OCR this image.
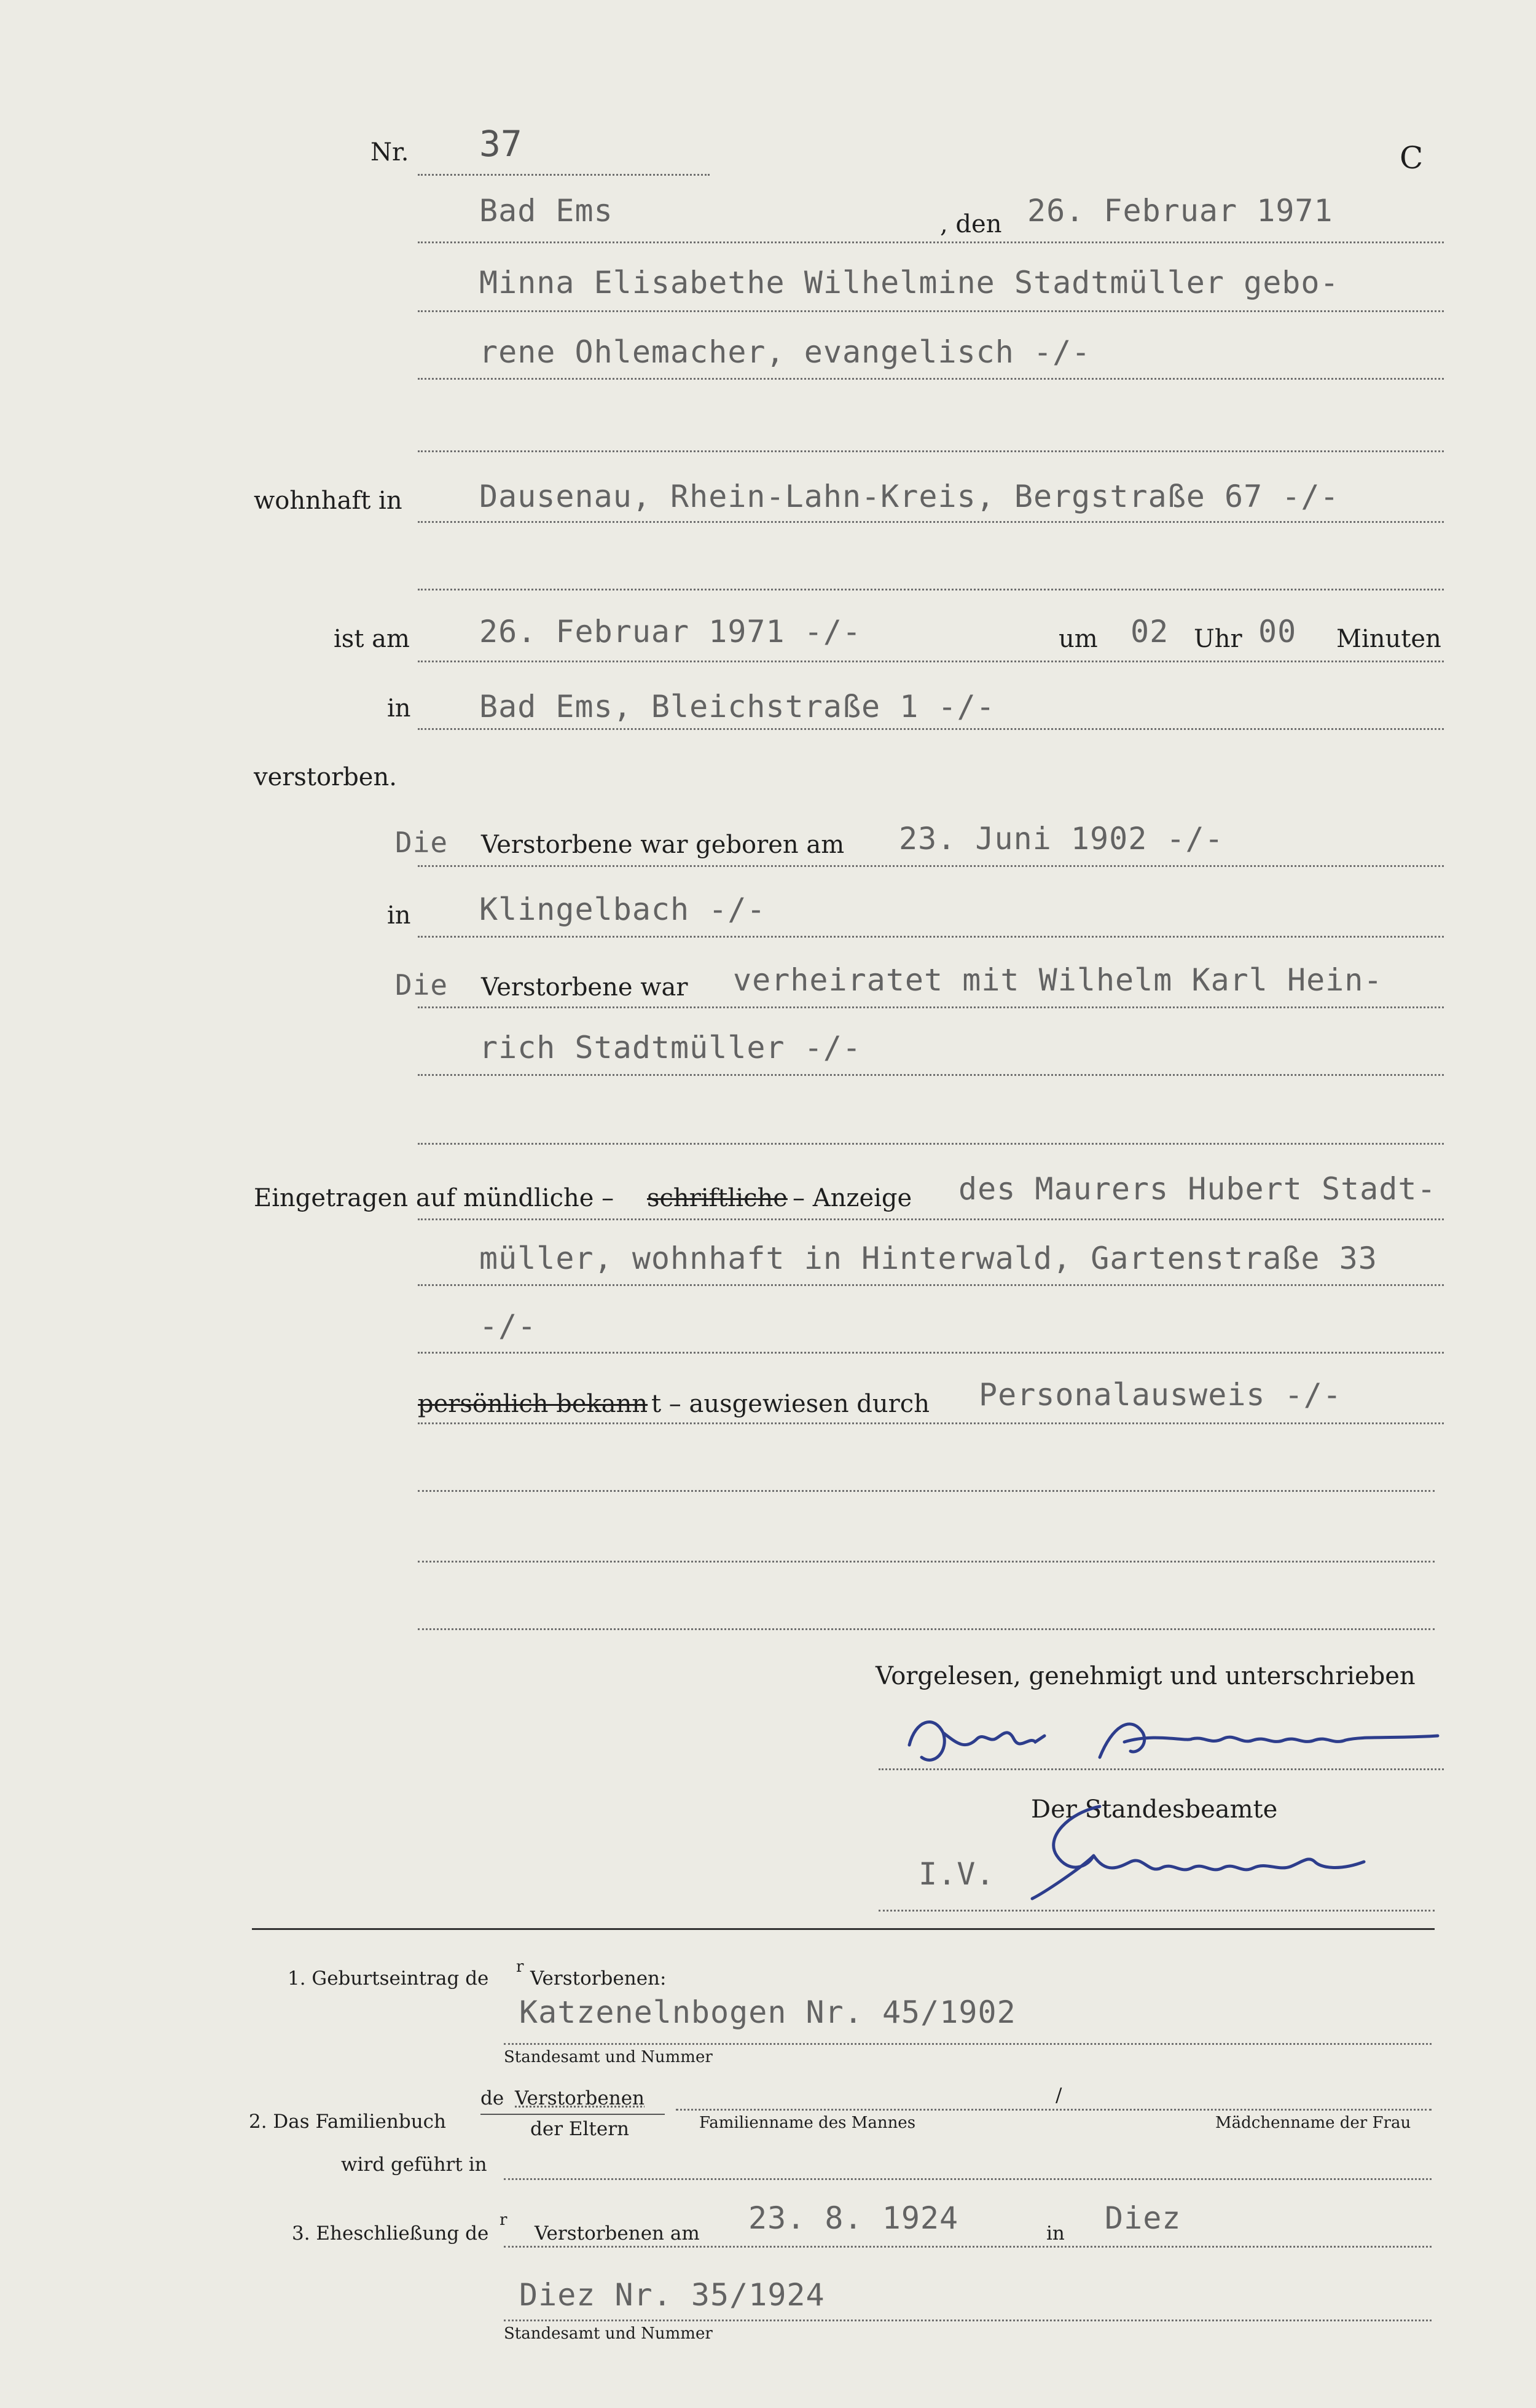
Nr. 37	C
Bad Ems	, den 26. Februar 1971
Minna Elisabethe Wilhelmine Stadtmüller gebo-
rene Ohlemacher, evangelisch -/-
wohnhaft in	Dausenau, Rhein-Lahn-Kreis, Bergstraße 67 -/-
ist am 26. Februar 1971 -/-	um 02 Uhr 00 Minuten
in Bad Ems, Bleichstraße 1 -/-
verstorben.
Die Verstorbene war geboren am 23. Juni 1902 -/-
in Klingelbach -/-
Die Verstorbene war verheiratet mit Wilhelm Karl Hein-
rich Stadtmüller -/-
Eingetragen auf mündliche – schriftliche – Anzeige des Maurers Hubert Stadt-
müller, wohnhaft in Hinterwald, Gartenstraße 33
-/-
persönlich bekann t – ausgewiesen durch Personalausweis -/-
Vorgelesen, genehmigt und unterschrieben
Der Standesbeamte
I.V.
1. Geburtseintrag de
r
Verstorbenen:
Katzenelnbogen Nr. 45/1902
Standesamt und Nummer
2. Das Familienbuch
de Verstorbenen
der Eltern
/
Familienname des Mannes	Mädchenname der Frau
wird geführt in
3. Eheschließung de
r
Verstorbenen am 23. 8. 1924	in Diez
Diez Nr. 35/1924
Standesamt und Nummer
